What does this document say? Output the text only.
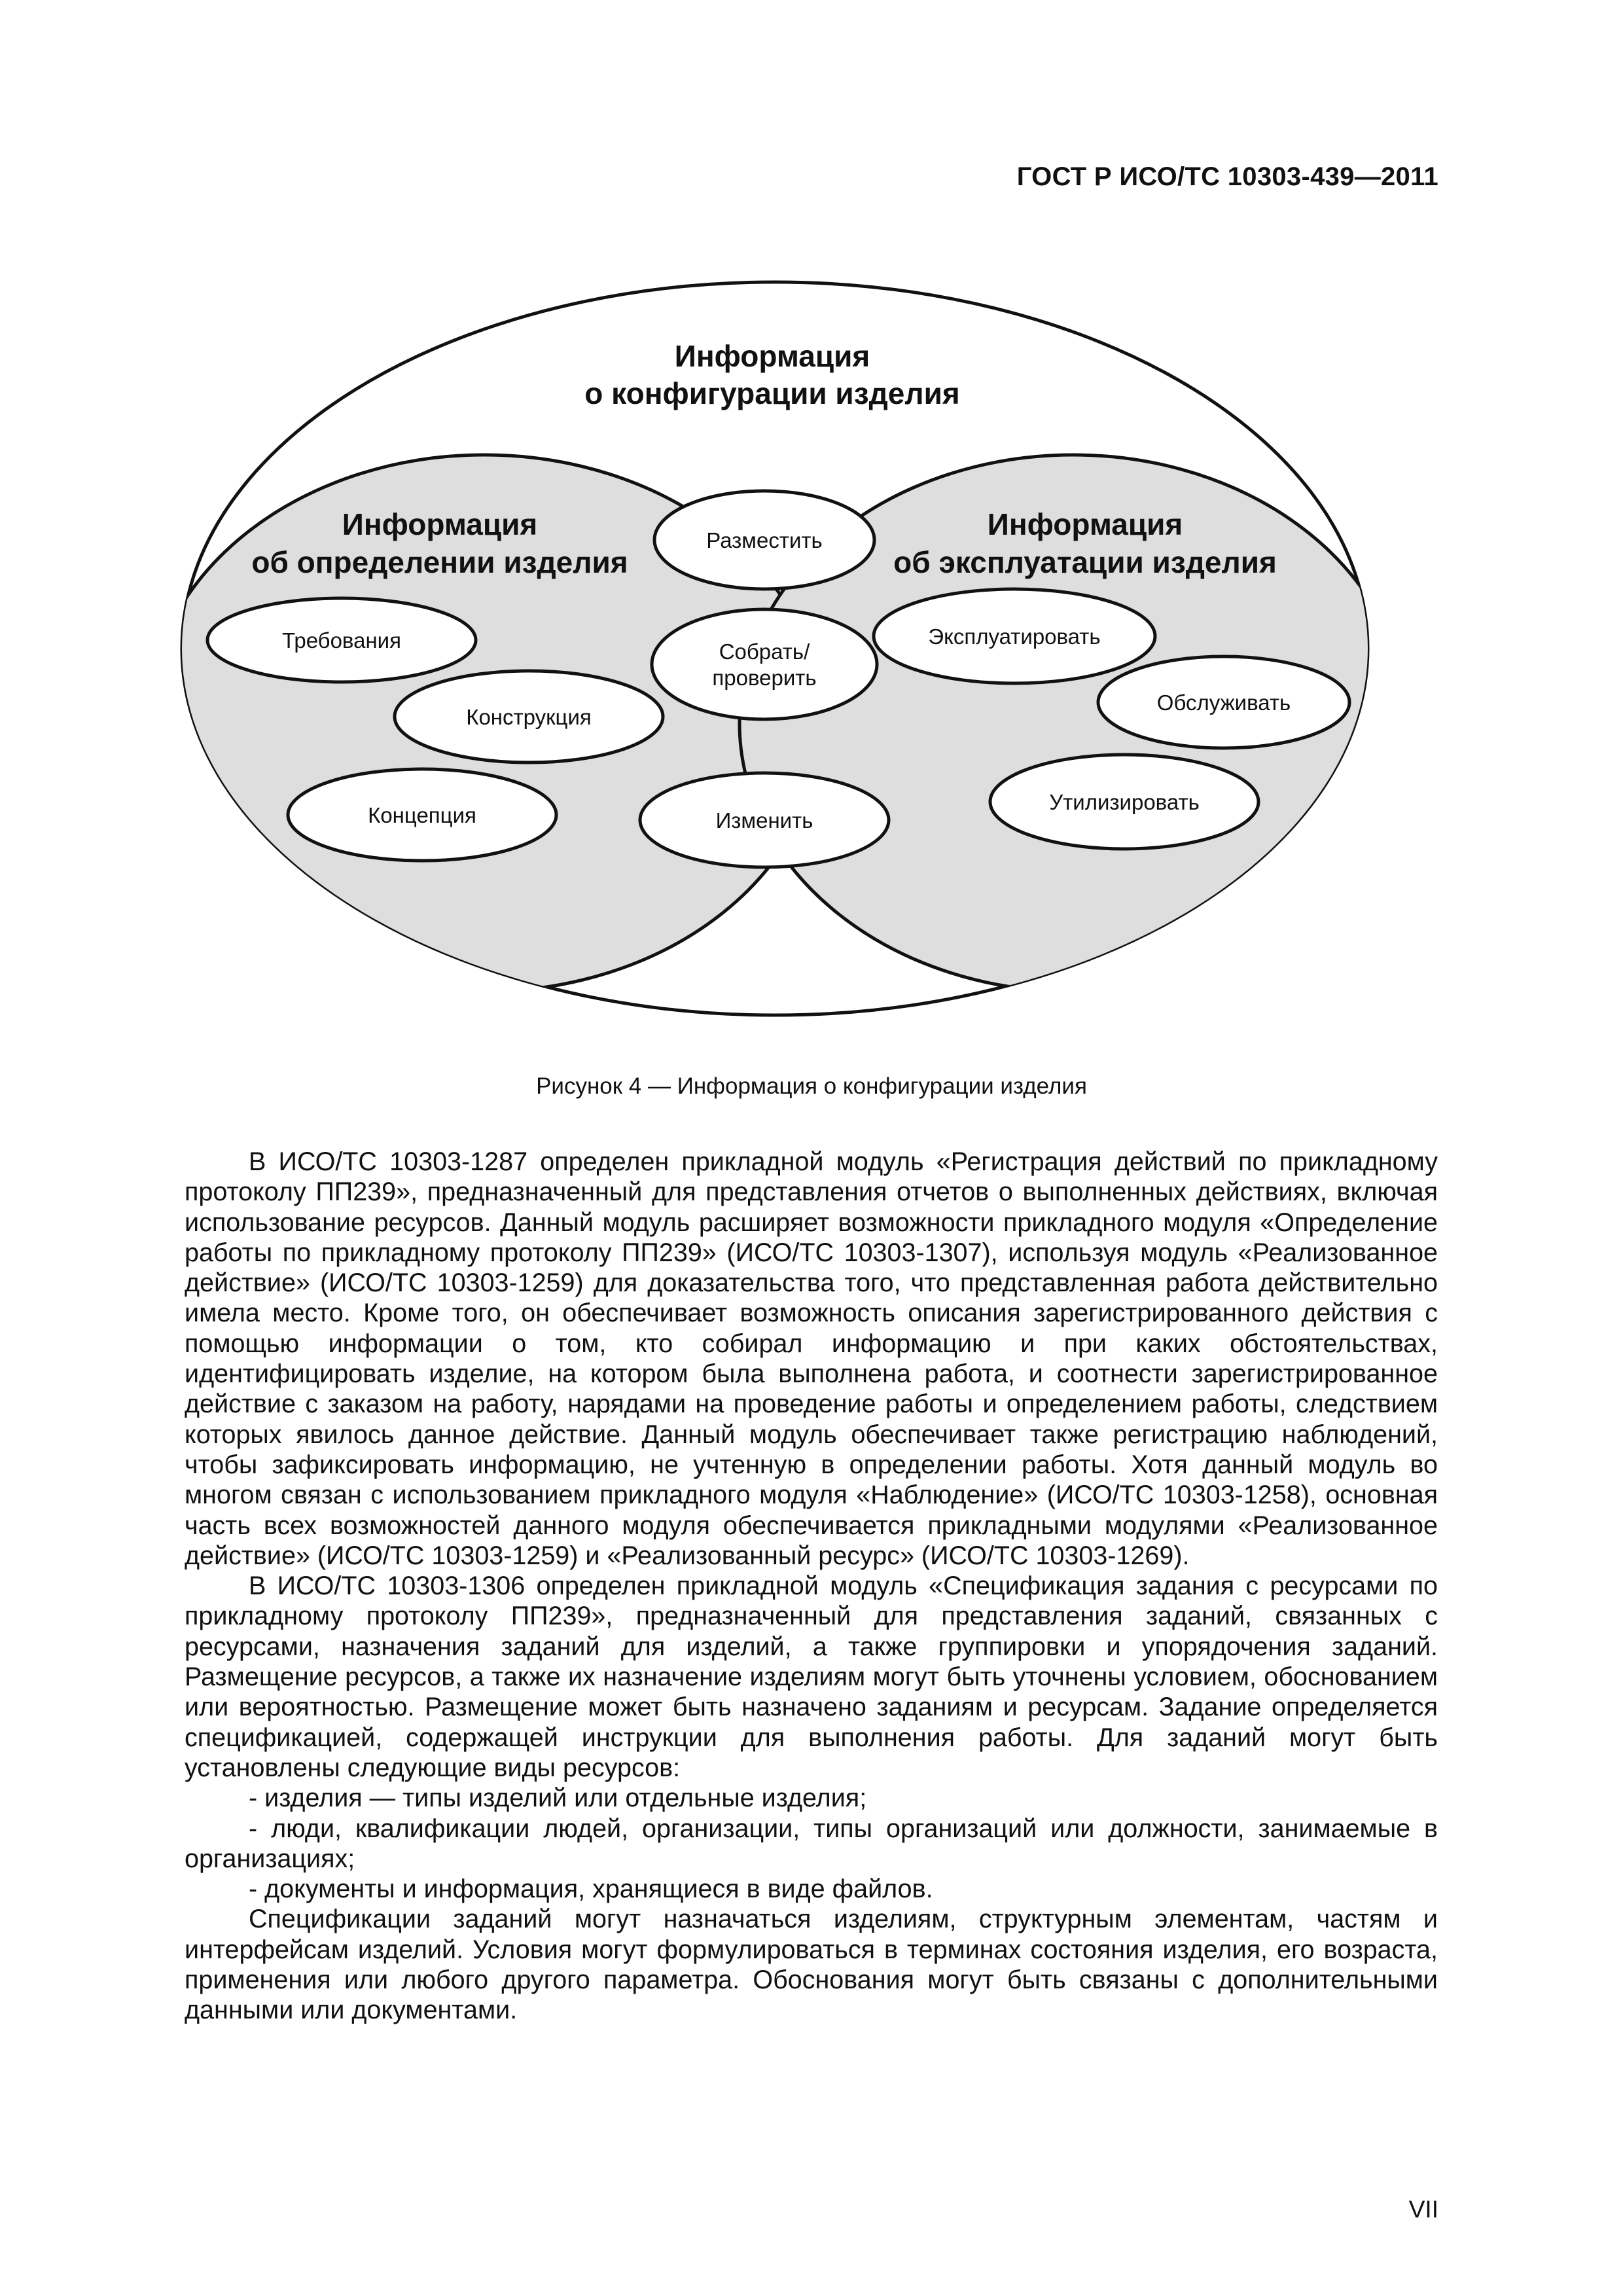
ГОСТ Р ИСО/ТС 10303-439—2011
Информация
о конфигурации изделия
Информация
об определении изделия
Информация
об эксплуатации изделия
Разместить
Собрать/
проверить
Изменить
Требования
Конструкция
Концепция
Эксплуатировать
Обслуживать
Утилизировать
Рисунок 4 — Информация о конфигурации изделия

В ИСО/ТС 10303-1287 определен прикладной модуль «Регистрация действий по прикладному протоколу ПП239», предназначенный для представления отчетов о выполненных действиях, включая использование ресурсов. Данный модуль расширяет возможности прикладного модуля «Определение работы по прикладному протоколу ПП239» (ИСО/ТС 10303-1307), используя модуль «Реализованное действие» (ИСО/ТС 10303-1259) для доказательства того, что представленная работа действительно имела место. Кроме того, он обеспечивает возможность описания зарегистрированного действия с помощью информации о том, кто собирал информацию и при каких обстоятельствах, идентифицировать изделие, на котором была выполнена работа, и соотнести зарегистрированное действие с заказом на работу, нарядами на проведение работы и определением работы, следствием которых явилось данное действие. Данный модуль обеспечивает также регистрацию наблюдений, чтобы зафиксировать информацию, не учтенную в определении работы. Хотя данный модуль во многом связан с использованием прикладного модуля «Наблюдение» (ИСО/ТС 10303-1258), основная часть всех возможностей данного модуля обеспечивается прикладными модулями «Реализованное действие» (ИСО/ТС 10303-1259) и «Реализованный ресурс» (ИСО/ТС 10303-1269).

В ИСО/ТС 10303-1306 определен прикладной модуль «Спецификация задания с ресурсами по прикладному протоколу ПП239», предназначенный для представления заданий, связанных с ресурсами, назначения заданий для изделий, а также группировки и упорядочения заданий. Размещение ресурсов, а также их назначение изделиям могут быть уточнены условием, обоснованием или вероятностью. Размещение может быть назначено заданиям и ресурсам. Задание определяется спецификацией, содержащей инструкции для выполнения работы. Для заданий могут быть установлены следующие виды ресурсов:

- изделия — типы изделий или отдельные изделия;

- люди, квалификации людей, организации, типы организаций или должности, занимаемые в организациях;

- документы и информация, хранящиеся в виде файлов.

Спецификации заданий могут назначаться изделиям, структурным элементам, частям и интерфейсам изделий. Условия могут формулироваться в терминах состояния изделия, его возраста, применения или любого другого параметра. Обоснования могут быть связаны с дополнительными данными или документами.

VII
